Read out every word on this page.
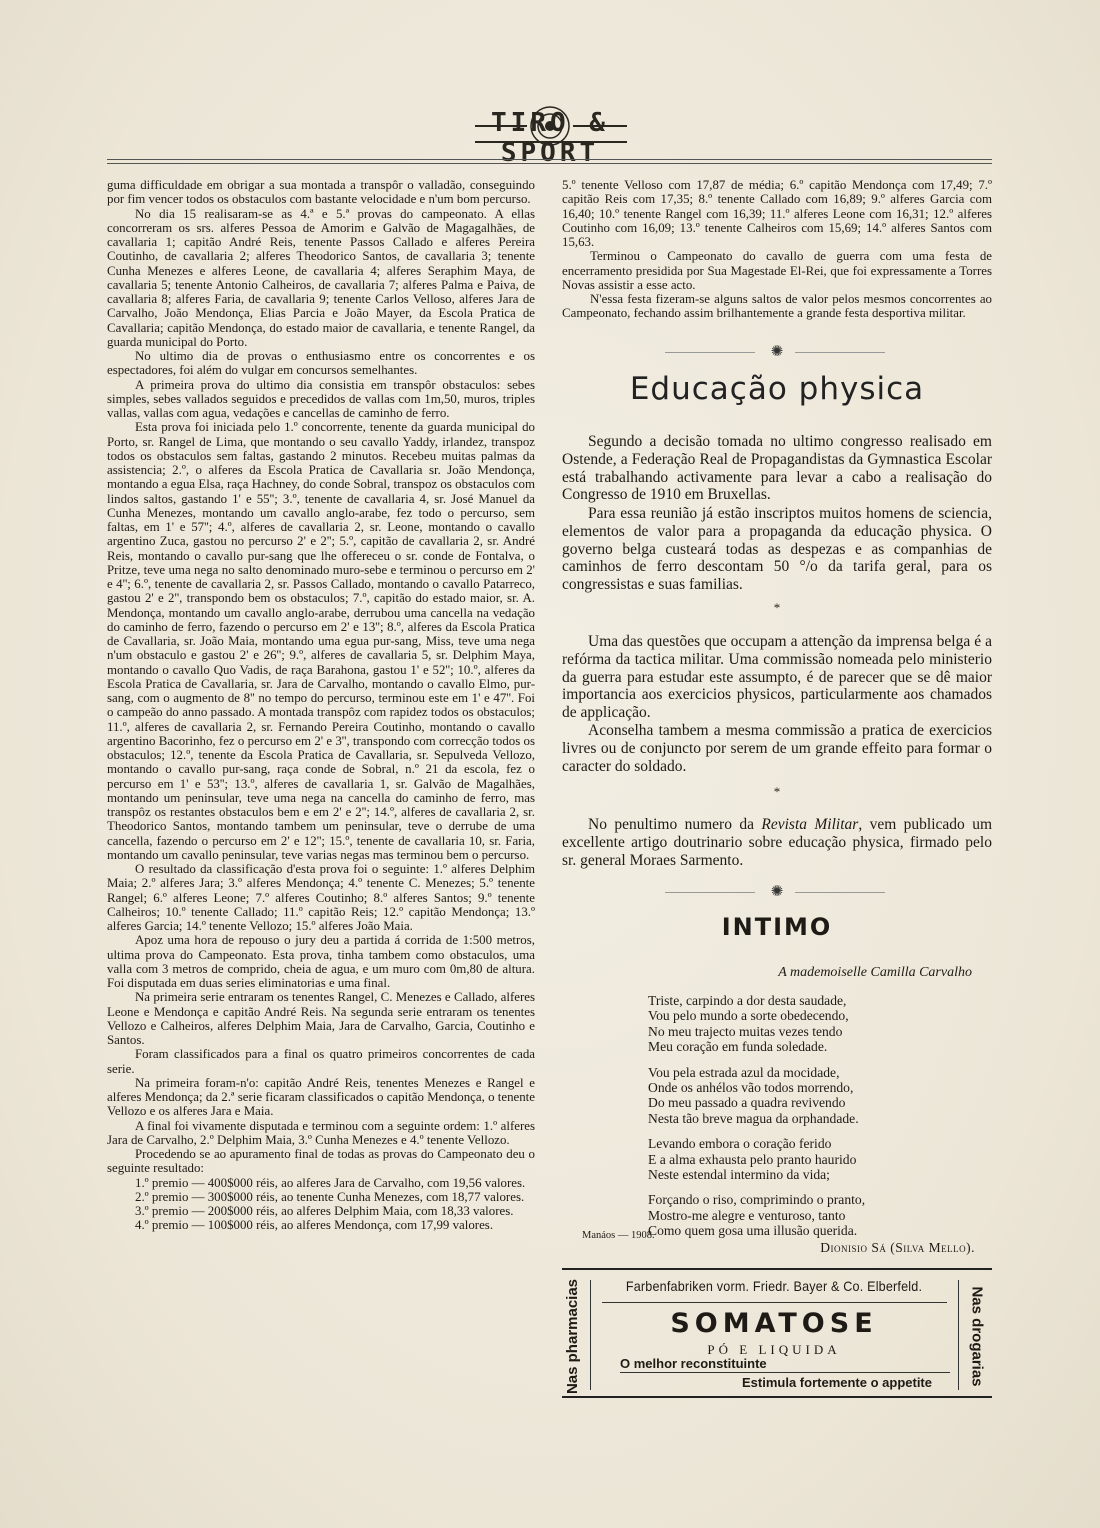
TIRO & SPORT

guma difficuldade em obrigar a sua montada a transpôr o valladão, conseguindo por fim vencer todos os obstaculos com bastante velocidade e n'um bom percurso.

No dia 15 realisaram-se as 4.ª e 5.ª provas do campeonato. A ellas concorreram os srs. alferes Pessoa de Amorim e Galvão de Magagalhães, de cavallaria 1; capitão André Reis, tenente Passos Callado e alferes Pereira Coutinho, de cavallaria 2; alferes Theodorico Santos, de cavallaria 3; tenente Cunha Menezes e alferes Leone, de cavallaria 4; alferes Seraphim Maya, de cavallaria 5; tenente Antonio Calheiros, de cavallaria 7; alferes Palma e Paiva, de cavallaria 8; alferes Faria, de cavallaria 9; tenente Carlos Velloso, alferes Jara de Carvalho, João Mendonça, Elias Parcia e João Mayer, da Escola Pratica de Cavallaria; capitão Mendonça, do estado maior de cavallaria, e tenente Rangel, da guarda municipal do Porto.

No ultimo dia de provas o enthusiasmo entre os concorrentes e os espectadores, foi além do vulgar em concursos semelhantes.

A primeira prova do ultimo dia consistia em transpôr obstaculos: sebes simples, sebes vallados seguidos e precedidos de vallas com 1m,50, muros, triples vallas, vallas com agua, vedações e cancellas de caminho de ferro.

Esta prova foi iniciada pelo 1.º concorrente, tenente da guarda municipal do Porto, sr. Rangel de Lima, que montando o seu cavallo Yaddy, irlandez, transpoz todos os obstaculos sem faltas, gastando 2 minutos. Recebeu muitas palmas da assistencia; 2.º, o alferes da Escola Pratica de Cavallaria sr. João Mendonça, montando a egua Elsa, raça Hachney, do conde Sobral, transpoz os obstaculos com lindos saltos, gastando 1' e 55''; 3.º, tenente de cavallaria 4, sr. José Manuel da Cunha Menezes, montando um cavallo anglo-arabe, fez todo o percurso, sem faltas, em 1' e 57''; 4.º, alferes de cavallaria 2, sr. Leone, montando o cavallo argentino Zuca, gastou no percurso 2' e 2''; 5.º, capitão de cavallaria 2, sr. André Reis, montando o cavallo pur-sang que lhe offereceu o sr. conde de Fontalva, o Pritze, teve uma nega no salto denominado muro-sebe e terminou o percurso em 2' e 4''; 6.º, tenente de cavallaria 2, sr. Passos Callado, montando o cavallo Patarreco, gastou 2' e 2'', transpondo bem os obstaculos; 7.º, capitão do estado maior, sr. A. Mendonça, montando um cavallo anglo-arabe, derrubou uma cancella na vedação do caminho de ferro, fazendo o percurso em 2' e 13''; 8.º, alferes da Escola Pratica de Cavallaria, sr. João Maia, montando uma egua pur-sang, Miss, teve uma nega n'um obstaculo e gastou 2' e 26''; 9.º, alferes de cavallaria 5, sr. Delphim Maya, montando o cavallo Quo Vadis, de raça Barahona, gastou 1' e 52''; 10.º, alferes da Escola Pratica de Cavallaria, sr. Jara de Carvalho, montando o cavallo Elmo, pur-sang, com o augmento de 8'' no tempo do percurso, terminou este em 1' e 47''. Foi o campeão do anno passado. A montada transpôz com rapidez todos os obstaculos; 11.º, alferes de cavallaria 2, sr. Fernando Pereira Coutinho, montando o cavallo argentino Bacorinho, fez o percurso em 2' e 3'', transpondo com correcção todos os obstaculos; 12.º, tenente da Escola Pratica de Cavallaria, sr. Sepulveda Vellozo, montando o cavallo pur-sang, raça conde de Sobral, n.º 21 da escola, fez o percurso em 1' e 53''; 13.º, alferes de cavallaria 1, sr. Galvão de Magalhães, montando um peninsular, teve uma nega na cancella do caminho de ferro, mas transpôz os restantes obstaculos bem e em 2' e 2''; 14.º, alferes de cavallaria 2, sr. Theodorico Santos, montando tambem um peninsular, teve o derrube de uma cancella, fazendo o percurso em 2' e 12''; 15.º, tenente de cavallaria 10, sr. Faria, montando um cavallo peninsular, teve varias negas mas terminou bem o percurso.

O resultado da classificação d'esta prova foi o seguinte: 1.º alferes Delphim Maia; 2.º alferes Jara; 3.º alferes Mendonça; 4.º tenente C. Menezes; 5.º tenente Rangel; 6.º alferes Leone; 7.º alferes Coutinho; 8.º alferes Santos; 9.º tenente Calheiros; 10.º tenente Callado; 11.º capitão Reis; 12.º capitão Mendonça; 13.º alferes Garcia; 14.º tenente Vellozo; 15.º alferes João Maia.

Apoz uma hora de repouso o jury deu a partida á corrida de 1:500 metros, ultima prova do Campeonato. Esta prova, tinha tambem como obstaculos, uma valla com 3 metros de comprido, cheia de agua, e um muro com 0m,80 de altura. Foi disputada em duas series eliminatorias e uma final.

Na primeira serie entraram os tenentes Rangel, C. Menezes e Callado, alferes Leone e Mendonça e capitão André Reis. Na segunda serie entraram os tenentes Vellozo e Calheiros, alferes Delphim Maia, Jara de Carvalho, Garcia, Coutinho e Santos.

Foram classificados para a final os quatro primeiros concorrentes de cada serie.

Na primeira foram-n'o: capitão André Reis, tenentes Menezes e Rangel e alferes Mendonça; da 2.ª serie ficaram classificados o capitão Mendonça, o tenente Vellozo e os alferes Jara e Maia.

A final foi vivamente disputada e terminou com a seguinte ordem: 1.º alferes Jara de Carvalho, 2.º Delphim Maia, 3.º Cunha Menezes e 4.º tenente Vellozo.

Procedendo se ao apuramento final de todas as provas do Campeonato deu o seguinte resultado:

1.º premio — 400$000 réis, ao alferes Jara de Carvalho, com 19,56 valores.

2.º premio — 300$000 réis, ao tenente Cunha Menezes, com 18,77 valores.

3.º premio — 200$000 réis, ao alferes Delphim Maia, com 18,33 valores.

4.º premio — 100$000 réis, ao alferes Mendonça, com 17,99 valores.

5.º tenente Velloso com 17,87 de média; 6.º capitão Mendonça com 17,49; 7.º capitão Reis com 17,35; 8.º tenente Callado com 16,89; 9.º alferes Garcia com 16,40; 10.º tenente Rangel com 16,39; 11.º alferes Leone com 16,31; 12.º alferes Coutinho com 16,09; 13.º tenente Calheiros com 15,69; 14.º alferes Santos com 15,63.

Terminou o Campeonato do cavallo de guerra com uma festa de encerramento presidida por Sua Magestade El-Rei, que foi expressamente a Torres Novas assistir a esse acto.

N'essa festa fizeram-se alguns saltos de valor pelos mesmos concorrentes ao Campeonato, fechando assim brilhantemente a grande festa desportiva militar.

✺
Educação physica

Segundo a decisão tomada no ultimo congresso realisado em Ostende, a Federação Real de Propagandistas da Gymnastica Escolar está trabalhando activamente para levar a cabo a realisação do Congresso de 1910 em Bruxellas.

Para essa reunião já estão inscriptos muitos homens de sciencia, elementos de valor para a propaganda da educação physica. O governo belga custeará todas as despezas e as companhias de caminhos de ferro descontam 50 °/o da tarifa geral, para os congressistas e suas familias.

*

Uma das questões que occupam a attenção da imprensa belga é a refórma da tactica militar. Uma commissão nomeada pelo ministerio da guerra para estudar este assumpto, é de parecer que se dê maior importancia aos exercicios physicos, particularmente aos chamados de applicação.

Aconselha tambem a mesma commissão a pratica de exercicios livres ou de conjuncto por serem de um grande effeito para formar o caracter do soldado.

*

No penultimo numero da Revista Militar, vem publicado um excellente artigo doutrinario sobre educação physica, firmado pelo sr. general Moraes Sarmento.

✺
INTIMO
A mademoiselle Camilla Carvalho
Triste, carpindo a dor desta saudade,
Vou pelo mundo a sorte obedecendo,
No meu trajecto muitas vezes tendo
Meu coração em funda soledade.
Vou pela estrada azul da mocidade,
Onde os anhélos vão todos morrendo,
Do meu passado a quadra revivendo
Nesta tão breve magua da orphandade.
Levando embora o coração ferido
E a alma exhausta pelo pranto haurido
Neste estendal intermino da vida;
Forçando o riso, comprimindo o pranto,
Mostro-me alegre e venturoso, tanto
Como quem gosa uma illusão querida.
Manáos — 1908.
Dionisio Sá (Silva Mello).
Nas pharmacias	Nas drogarias
Farbenfabriken vorm. Friedr. Bayer & Co. Elberfeld.
SOMATOSE
PÓ E LIQUIDA
O melhor reconstituinte
Estimula fortemente o appetite
